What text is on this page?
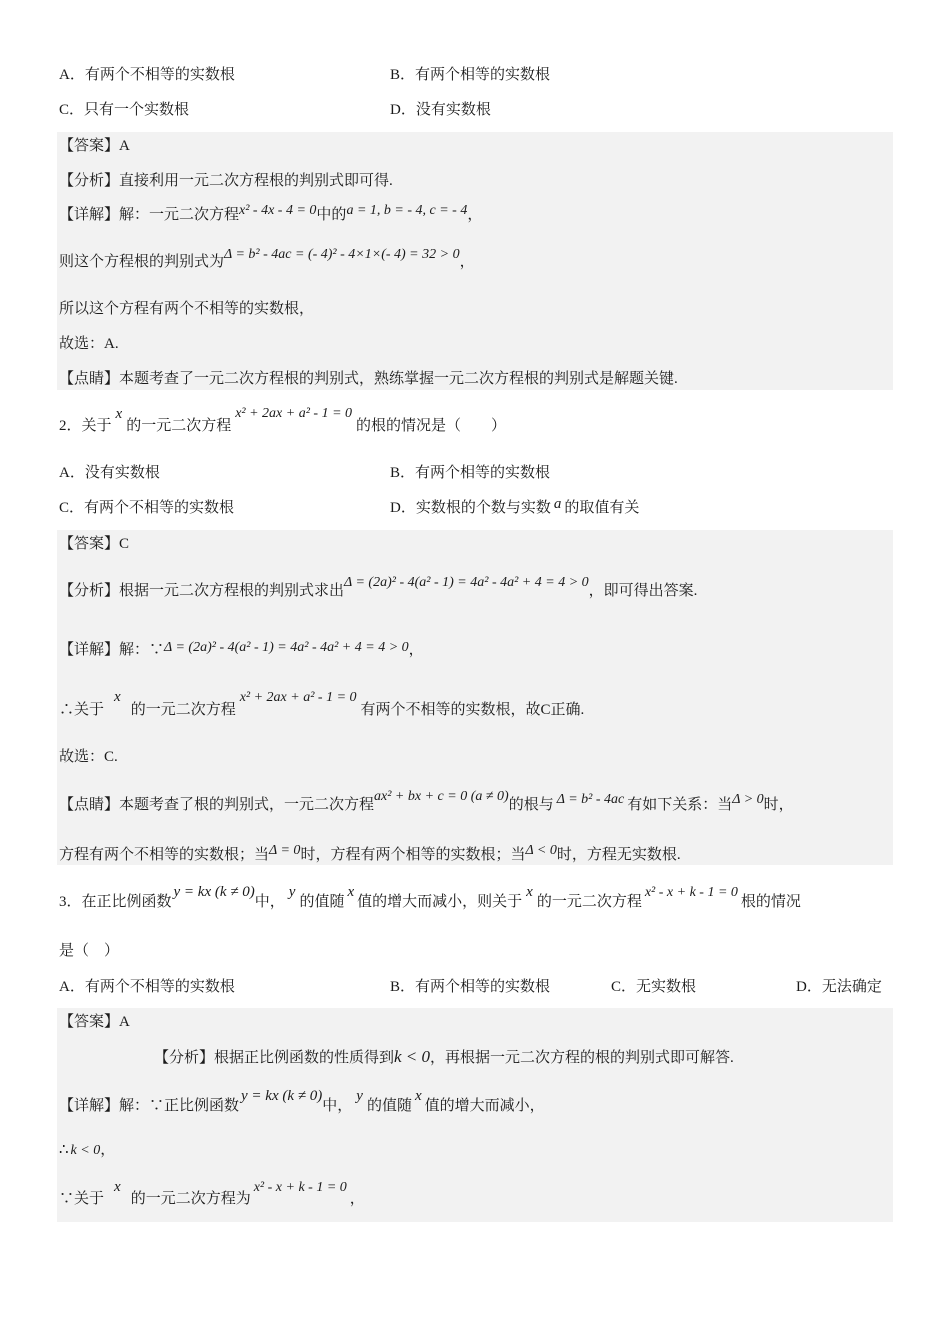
A．有两个不相等的实数根	B．有两个相等的实数根
C．只有一个实数根	D．没有实数根
【答案】A
【分析】直接利用一元二次方程根的判别式即可得.
【详解】解：一元二次方程x² - 4x - 4 = 0中的a = 1, b = - 4, c = - 4，
则这个方程根的判别式为Δ = b² - 4ac = (- 4)² - 4×1×(- 4) = 32 > 0，
所以这个方程有两个不相等的实数根，
故选：A.
【点睛】本题考查了一元二次方程根的判别式，熟练掌握一元二次方程根的判别式是解题关键.
2．关于x的一元二次方程x² + 2ax + a² - 1 = 0的根的情况是（　　）
A．没有实数根	B．有两个相等的实数根
C．有两个不相等的实数根	D．实数根的个数与实数 a 的取值有关
【答案】C
【分析】根据一元二次方程根的判别式求出Δ = (2a)² - 4(a² - 1) = 4a² - 4a² + 4 = 4 > 0，即可得出答案.
【详解】解：∵Δ = (2a)² - 4(a² - 1) = 4a² - 4a² + 4 = 4 > 0，
∴关于x的一元二次方程x² + 2ax + a² - 1 = 0有两个不相等的实数根，故C正确.
故选：C.
【点睛】本题考查了根的判别式，一元二次方程ax² + bx + c = 0 (a ≠ 0)的根与 Δ = b² - 4ac 有如下关系：当Δ > 0时，
方程有两个不相等的实数根；当Δ = 0时，方程有两个相等的实数根；当Δ < 0时，方程无实数根.
3．在正比例函数y = kx (k ≠ 0)中，y的值随x值的增大而减小，则关于x的一元二次方程x² - x + k - 1 = 0根的情况
是（　）
A．有两个不相等的实数根	B．有两个相等的实数根	C．无实数根	D．无法确定
【答案】A
【分析】根据正比例函数的性质得到k < 0，再根据一元二次方程的根的判别式即可解答.
【详解】解：∵正比例函数y = kx (k ≠ 0)中，y的值随x值的增大而减小，
∴ k < 0，
∵关于x的一元二次方程为x² - x + k - 1 = 0，
